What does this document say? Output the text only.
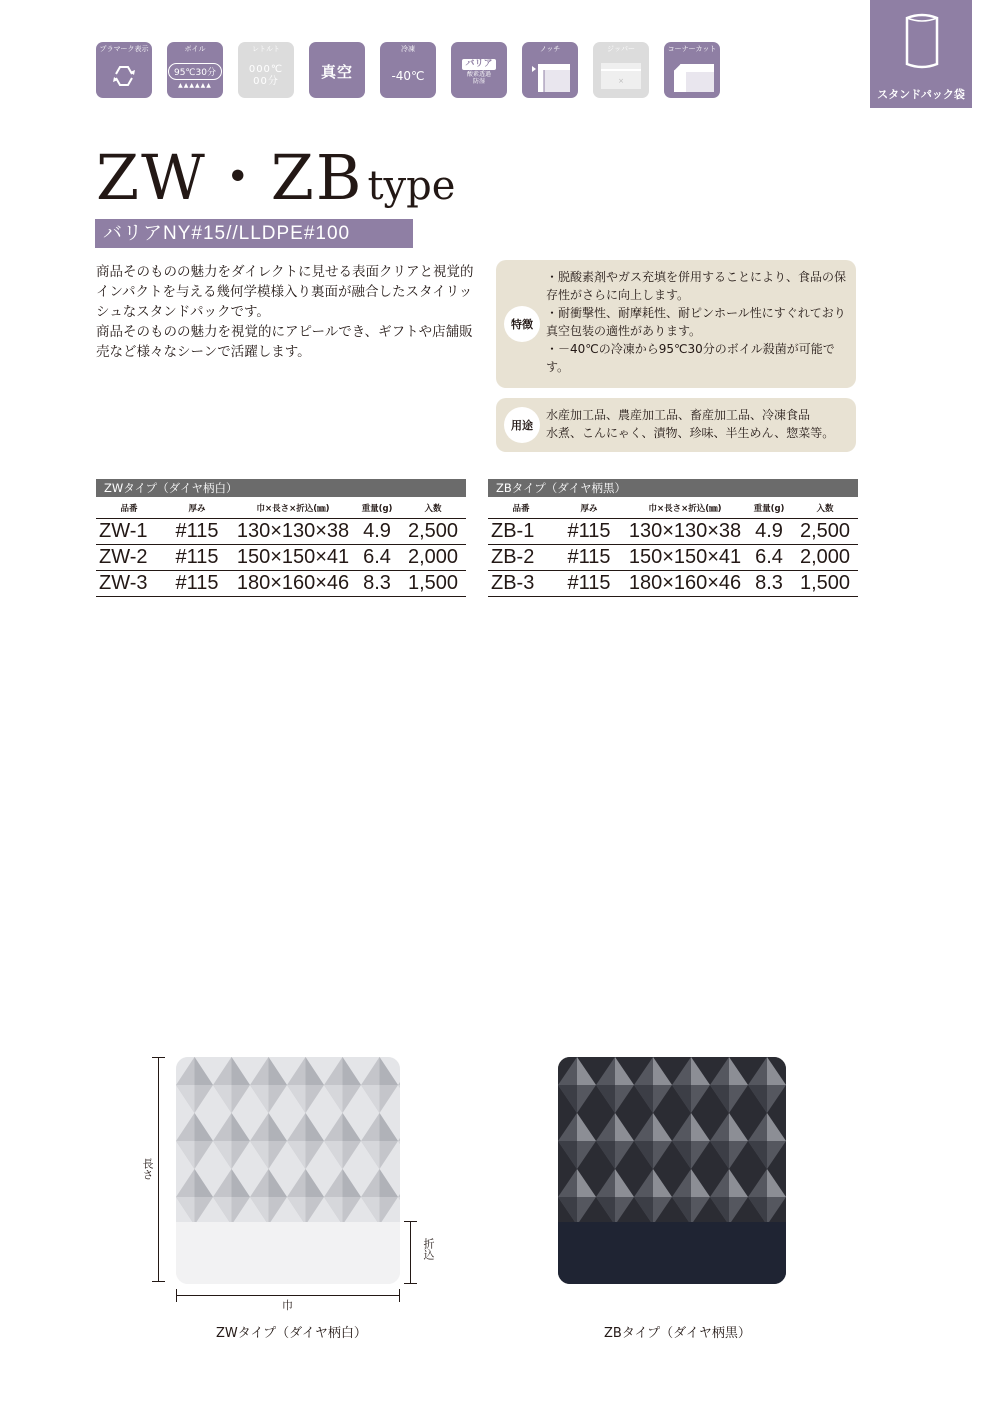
プラマーク表示	ボイル
95℃30分
▲▲▲▲▲▲
レトルト
000℃
00分
真空
冷凍
-40℃
バリア
酸素透過
防湿
ノッチ	ジッパー
×
コーナーカット
スタンドパック袋
ZW・ZB type
バリアNY#15//LLDPE#100

商品そのものの魅力をダイレクトに見せる表面クリアと視覚的インパクトを与える幾何学模様入り裏面が融合したスタイリッシュなスタンドパックです。

商品そのものの魅力を視覚的にアピールでき、ギフトや店舗販売など様々なシーンで活躍します。

特徴
・脱酸素剤やガス充填を併用することにより、食品の保存性がさらに向上します。
・耐衝撃性、耐摩耗性、耐ピンホール性にすぐれており真空包装の適性があります。
・－40℃の冷凍から95℃30分のボイル殺菌が可能です。
用途
水産加工品、農産加工品、畜産加工品、冷凍食品
水煮、こんにゃく、漬物、珍味、半生めん、惣菜等。
ZWタイプ（ダイヤ柄白）
品番	厚み	巾×長さ×折込(㎜)	重量(g)	入数
ZW-1	#115 130×130×38 4.9 2,500
ZW-2	#115 150×150×41 6.4 2,000
ZW-3	#115 180×160×46 8.3 1,500
ZBタイプ（ダイヤ柄黒）
品番	厚み	巾×長さ×折込(㎜)	重量(g)	入数
ZB-1	#115 130×130×38 4.9 2,500
ZB-2	#115 150×150×41 6.4 2,000
ZB-3	#115 180×160×46 8.3 1,500
長さ
巾
折込
ZWタイプ（ダイヤ柄白）	ZBタイプ（ダイヤ柄黒）
